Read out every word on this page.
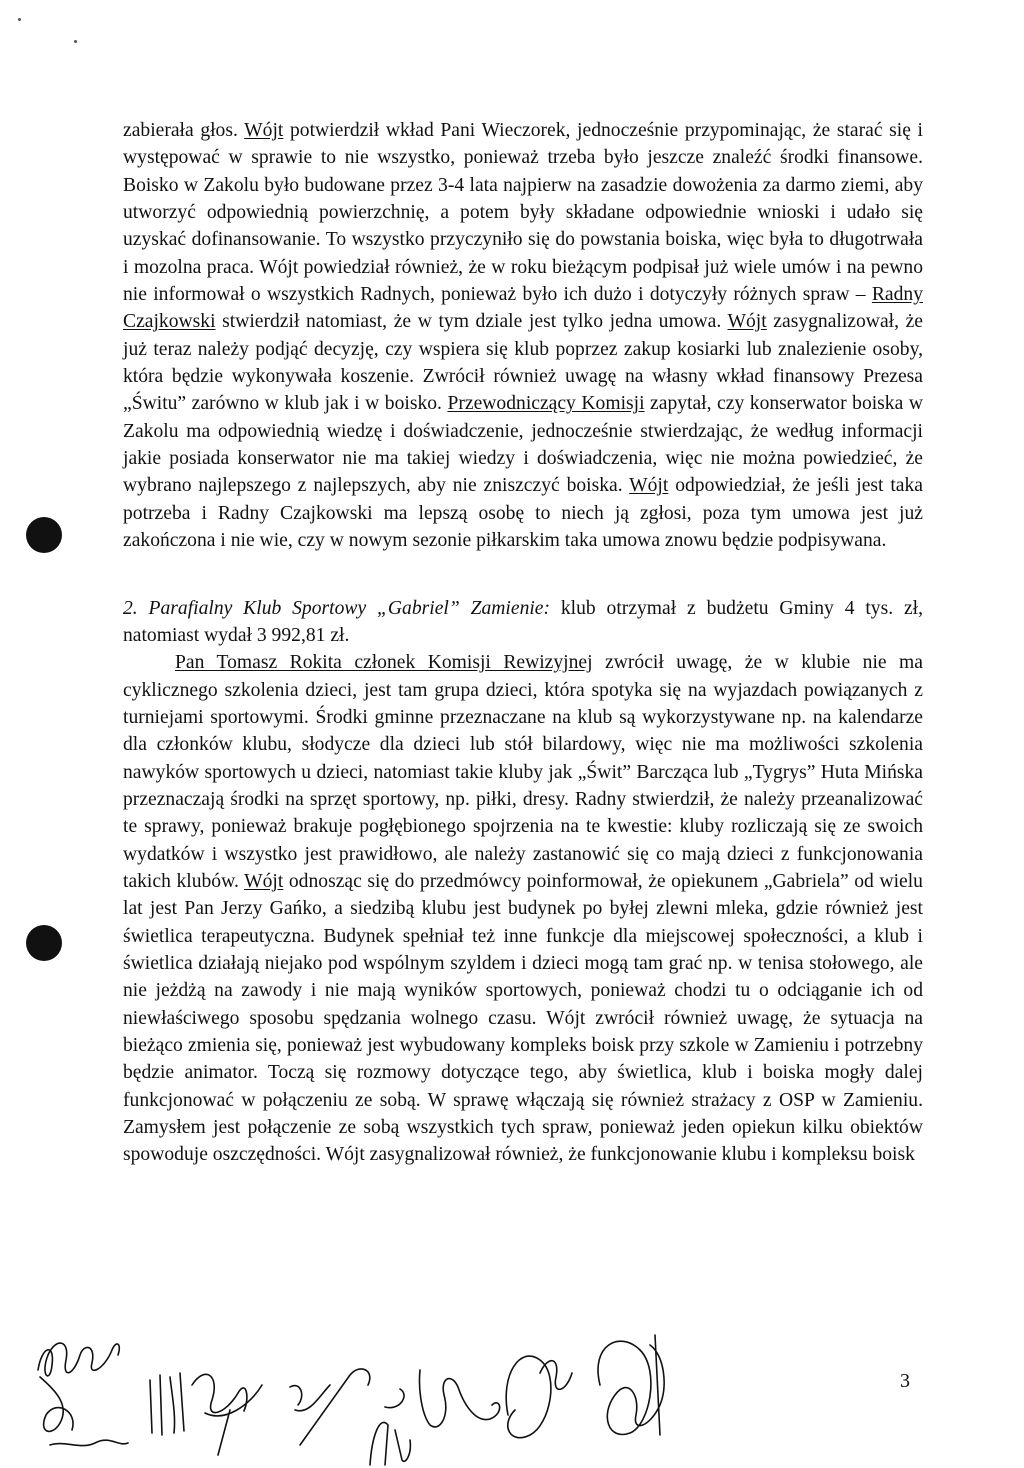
zabierała głos. Wójt potwierdził wkład Pani Wieczorek, jednocześnie przypominając, że starać się i występować w sprawie to nie wszystko, ponieważ trzeba było jeszcze znaleźć środki finansowe. Boisko w Zakolu było budowane przez 3-4 lata najpierw na zasadzie dowożenia za darmo ziemi, aby utworzyć odpowiednią powierzchnię, a potem były składane odpowiednie wnioski i udało się uzyskać dofinansowanie. To wszystko przyczyniło się do powstania boiska, więc była to długotrwała i mozolna praca. Wójt powiedział również, że w roku bieżącym podpisał już wiele umów i na pewno nie informował o wszystkich Radnych, ponieważ było ich dużo i dotyczyły różnych spraw – Radny Czajkowski stwierdził natomiast, że w tym dziale jest tylko jedna umowa. Wójt zasygnalizował, że już teraz należy podjąć decyzję, czy wspiera się klub poprzez zakup kosiarki lub znalezienie osoby, która będzie wykonywała koszenie. Zwrócił również uwagę na własny wkład finansowy Prezesa „Świtu” zarówno w klub jak i w boisko. Przewodniczący Komisji zapytał, czy konserwator boiska w Zakolu ma odpowiednią wiedzę i doświadczenie, jednocześnie stwierdzając, że według informacji jakie posiada konserwator nie ma takiej wiedzy i doświadczenia, więc nie można powiedzieć, że wybrano najlepszego z najlepszych, aby nie zniszczyć boiska. Wójt odpowiedział, że jeśli jest taka potrzeba i Radny Czajkowski ma lepszą osobę to niech ją zgłosi, poza tym umowa jest już zakończona i nie wie, czy w nowym sezonie piłkarskim taka umowa znowu będzie podpisywana.

2. Parafialny Klub Sportowy „Gabriel” Zamienie: klub otrzymał z budżetu Gminy 4 tys. zł, natomiast wydał 3 992,81 zł.

Pan Tomasz Rokita członek Komisji Rewizyjnej zwrócił uwagę, że w klubie nie ma cyklicznego szkolenia dzieci, jest tam grupa dzieci, która spotyka się na wyjazdach powiązanych z turniejami sportowymi. Środki gminne przeznaczane na klub są wykorzystywane np. na kalendarze dla członków klubu, słodycze dla dzieci lub stół bilardowy, więc nie ma możliwości szkolenia nawyków sportowych u dzieci, natomiast takie kluby jak „Świt” Barcząca lub „Tygrys” Huta Mińska przeznaczają środki na sprzęt sportowy, np. piłki, dresy. Radny stwierdził, że należy przeanalizować te sprawy, ponieważ brakuje pogłębionego spojrzenia na te kwestie: kluby rozliczają się ze swoich wydatków i wszystko jest prawidłowo, ale należy zastanowić się co mają dzieci z funkcjonowania takich klubów. Wójt odnosząc się do przedmówcy poinformował, że opiekunem „Gabriela” od wielu lat jest Pan Jerzy Gańko, a siedzibą klubu jest budynek po byłej zlewni mleka, gdzie również jest świetlica terapeutyczna. Budynek spełniał też inne funkcje dla miejscowej społeczności, a klub i świetlica działają niejako pod wspólnym szyldem i dzieci mogą tam grać np. w tenisa stołowego, ale nie jeżdżą na zawody i nie mają wyników sportowych, ponieważ chodzi tu o odciąganie ich od niewłaściwego sposobu spędzania wolnego czasu. Wójt zwrócił również uwagę, że sytuacja na bieżąco zmienia się, ponieważ jest wybudowany kompleks boisk przy szkole w Zamieniu i potrzebny będzie animator. Toczą się rozmowy dotyczące tego, aby świetlica, klub i boiska mogły dalej funkcjonować w połączeniu ze sobą. W sprawę włączają się również strażacy z OSP w Zamieniu. Zamysłem jest połączenie ze sobą wszystkich tych spraw, ponieważ jeden opiekun kilku obiektów spowoduje oszczędności. Wójt zasygnalizował również, że funkcjonowanie klubu i kompleksu boisk

3
